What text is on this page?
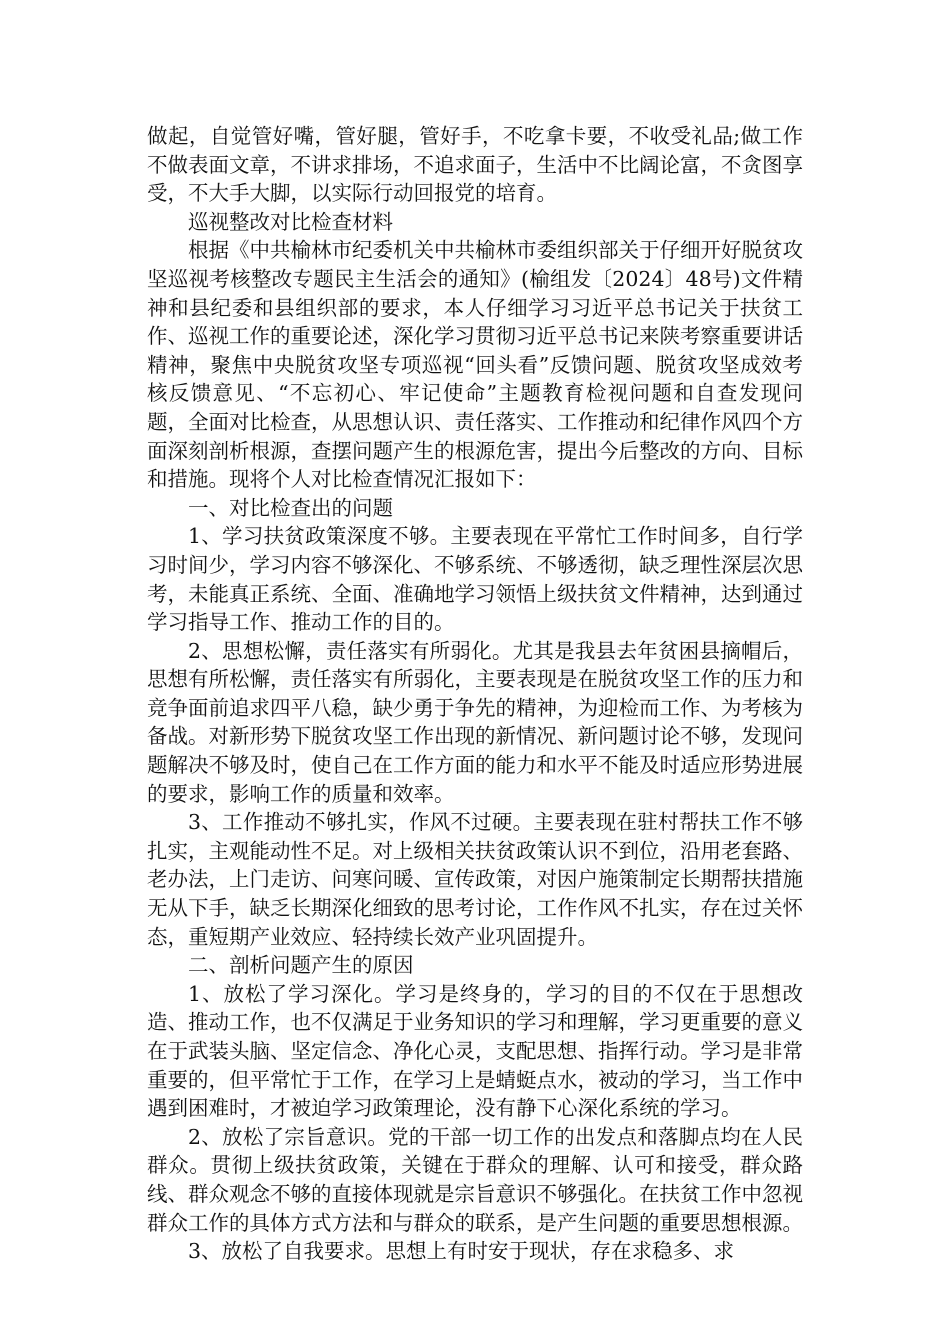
做起，自觉管好嘴，管好腿，管好手，不吃拿卡要，不收受礼品;做工作不做表面文章，不讲求排场，不追求面子，生活中不比阔论富，不贪图享受，不大手大脚，以实际行动回报党的培育。

巡视整改对比检查材料

根据《中共榆林市纪委机关中共榆林市委组织部关于仔细开好脱贫攻坚巡视考核整改专题民主生活会的通知》(榆组发〔2024〕48号)文件精神和县纪委和县组织部的要求，本人仔细学习习近平总书记关于扶贫工作、巡视工作的重要论述，深化学习贯彻习近平总书记来陕考察重要讲话精神，聚焦中央脱贫攻坚专项巡视“回头看”反馈问题、脱贫攻坚成效考核反馈意见、“不忘初心、牢记使命”主题教育检视问题和自查发现问题，全面对比检查，从思想认识、责任落实、工作推动和纪律作风四个方面深刻剖析根源，查摆问题产生的根源危害，提出今后整改的方向、目标和措施。现将个人对比检查情况汇报如下：

一、对比检查出的问题

1、学习扶贫政策深度不够。主要表现在平常忙工作时间多，自行学习时间少，学习内容不够深化、不够系统、不够透彻，缺乏理性深层次思考，未能真正系统、全面、准确地学习领悟上级扶贫文件精神，达到通过学习指导工作、推动工作的目的。

2、思想松懈，责任落实有所弱化。尤其是我县去年贫困县摘帽后，思想有所松懈，责任落实有所弱化，主要表现是在脱贫攻坚工作的压力和竞争面前追求四平八稳，缺少勇于争先的精神，为迎检而工作、为考核为备战。对新形势下脱贫攻坚工作出现的新情况、新问题讨论不够，发现问题解决不够及时，使自己在工作方面的能力和水平不能及时适应形势进展的要求，影响工作的质量和效率。

3、工作推动不够扎实，作风不过硬。主要表现在驻村帮扶工作不够扎实，主观能动性不足。对上级相关扶贫政策认识不到位，沿用老套路、老办法，上门走访、问寒问暖、宣传政策，对因户施策制定长期帮扶措施无从下手，缺乏长期深化细致的思考讨论，工作作风不扎实，存在过关怀态，重短期产业效应、轻持续长效产业巩固提升。

二、剖析问题产生的原因

1、放松了学习深化。学习是终身的，学习的目的不仅在于思想改造、推动工作，也不仅满足于业务知识的学习和理解，学习更重要的意义在于武装头脑、坚定信念、净化心灵，支配思想、指挥行动。学习是非常重要的，但平常忙于工作，在学习上是蜻蜓点水，被动的学习，当工作中遇到困难时，才被迫学习政策理论，没有静下心深化系统的学习。

2、放松了宗旨意识。党的干部一切工作的出发点和落脚点均在人民群众。贯彻上级扶贫政策，关键在于群众的理解、认可和接受，群众路线、群众观念不够的直接体现就是宗旨意识不够强化。在扶贫工作中忽视群众工作的具体方式方法和与群众的联系，是产生问题的重要思想根源。

3、放松了自我要求。思想上有时安于现状，存在求稳多、求
